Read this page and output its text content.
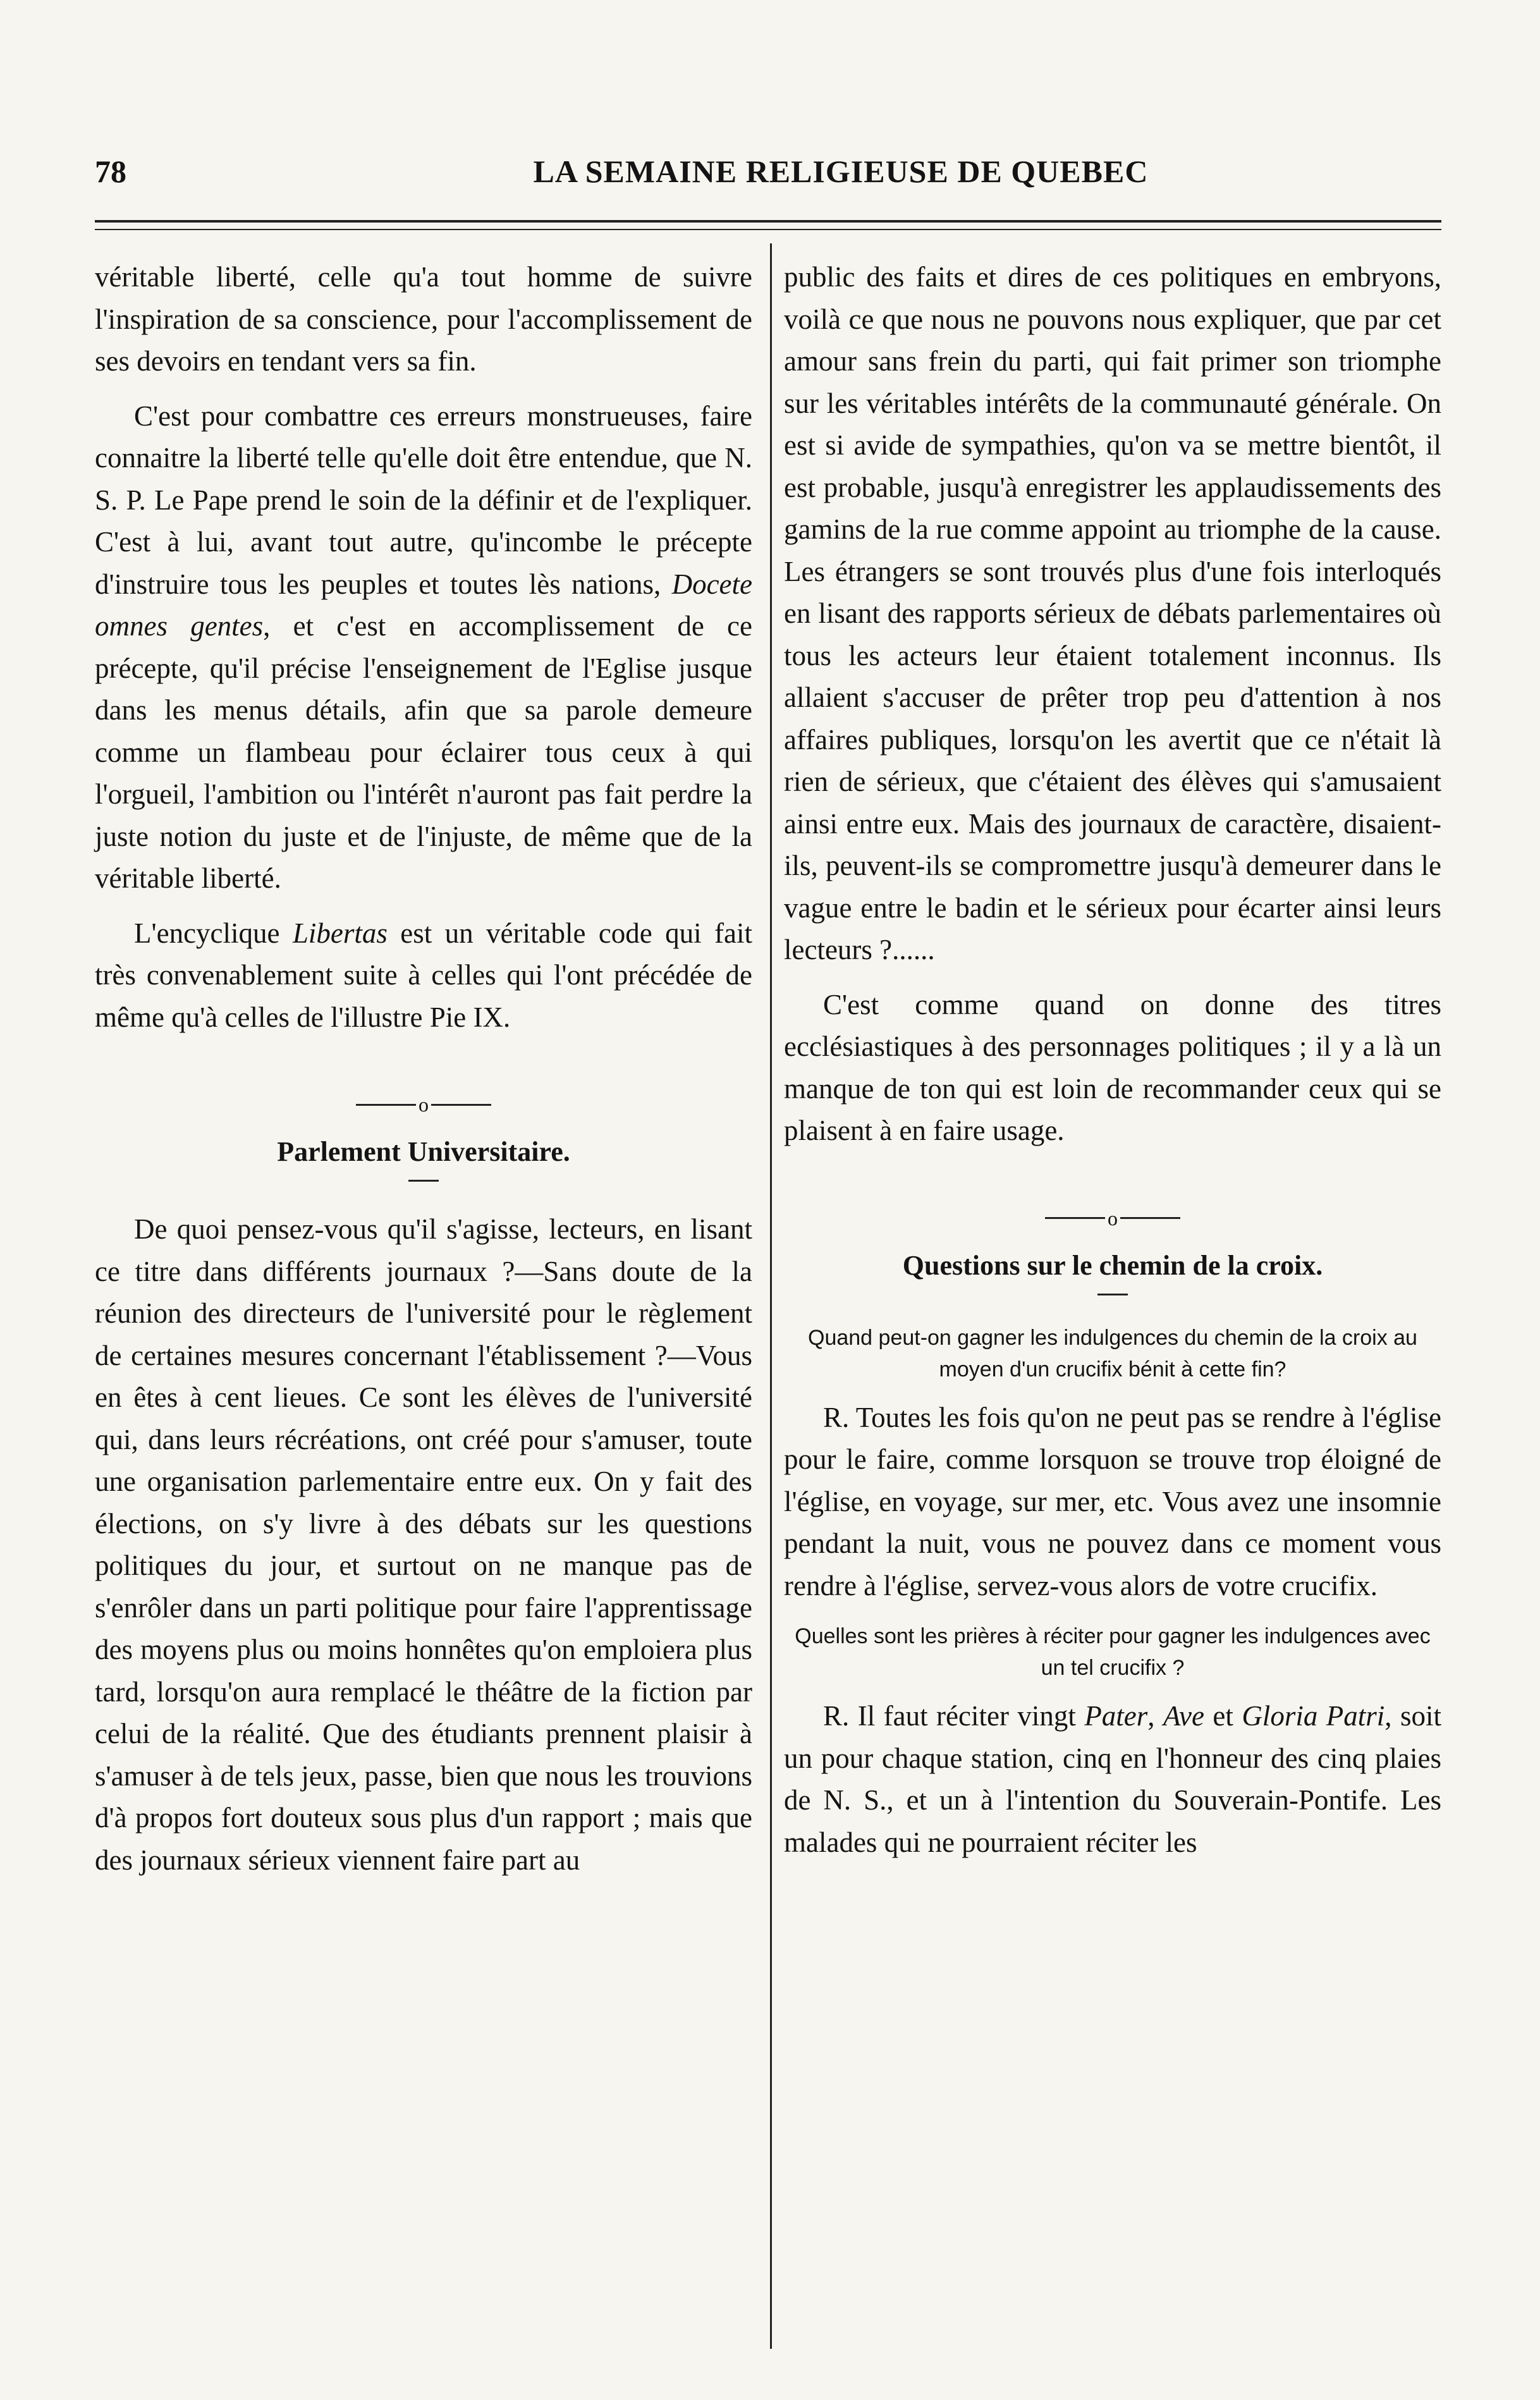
78	LA SEMAINE RELIGIEUSE DE QUEBEC

véritable liberté, celle qu'a tout homme de suivre l'inspiration de sa conscience, pour l'accomplissement de ses devoirs en tendant vers sa fin.

C'est pour combattre ces erreurs monstrueuses, faire connaitre la liberté telle qu'elle doit être entendue, que N. S. P. Le Pape prend le soin de la définir et de l'expliquer. C'est à lui, avant tout autre, qu'incombe le précepte d'instruire tous les peuples et toutes lès nations, Docete omnes gentes, et c'est en accomplissement de ce précepte, qu'il précise l'enseignement de l'Eglise jusque dans les menus détails, afin que sa parole demeure comme un flambeau pour éclairer tous ceux à qui l'orgueil, l'ambition ou l'intérêt n'auront pas fait perdre la juste notion du juste et de l'injuste, de même que de la véritable liberté.

L'encyclique Libertas est un véritable code qui fait très convenablement suite à celles qui l'ont précédée de même qu'à celles de l'illustre Pie IX.

o
Parlement Universitaire.

De quoi pensez-vous qu'il s'agisse, lecteurs, en lisant ce titre dans différents journaux ?—Sans doute de la réunion des directeurs de l'université pour le règlement de certaines mesures concernant l'établissement ?—Vous en êtes à cent lieues. Ce sont les élèves de l'université qui, dans leurs récréations, ont créé pour s'amuser, toute une organisation parlementaire entre eux. On y fait des élections, on s'y livre à des débats sur les questions politiques du jour, et surtout on ne manque pas de s'enrôler dans un parti politique pour faire l'apprentissage des moyens plus ou moins honnêtes qu'on emploiera plus tard, lorsqu'on aura remplacé le théâtre de la fiction par celui de la réalité. Que des étudiants prennent plaisir à s'amuser à de tels jeux, passe, bien que nous les trouvions d'à propos fort douteux sous plus d'un rapport ; mais que des journaux sérieux viennent faire part au

public des faits et dires de ces politiques en embryons, voilà ce que nous ne pouvons nous expliquer, que par cet amour sans frein du parti, qui fait primer son triomphe sur les véritables intérêts de la communauté générale. On est si avide de sympathies, qu'on va se mettre bientôt, il est probable, jusqu'à enregistrer les applaudissements des gamins de la rue comme appoint au triomphe de la cause. Les étrangers se sont trouvés plus d'une fois interloqués en lisant des rapports sérieux de débats parlementaires où tous les acteurs leur étaient totalement inconnus. Ils allaient s'accuser de prêter trop peu d'attention à nos affaires publiques, lorsqu'on les avertit que ce n'était là rien de sérieux, que c'étaient des élèves qui s'amusaient ainsi entre eux. Mais des journaux de caractère, disaient-ils, peuvent-ils se compromettre jusqu'à demeurer dans le vague entre le badin et le sérieux pour écarter ainsi leurs lecteurs ?......

C'est comme quand on donne des titres ecclésiastiques à des personnages politiques ; il y a là un manque de ton qui est loin de recommander ceux qui se plaisent à en faire usage.

o
Questions sur le chemin de la croix.
Quand peut-on gagner les indulgences du chemin de la croix au moyen d'un crucifix bénit à cette fin?

R. Toutes les fois qu'on ne peut pas se rendre à l'église pour le faire, comme lorsquon se trouve trop éloigné de l'église, en voyage, sur mer, etc. Vous avez une insomnie pendant la nuit, vous ne pouvez dans ce moment vous rendre à l'église, servez-vous alors de votre crucifix.

Quelles sont les prières à réciter pour gagner les indulgences avec un tel crucifix ?

R. Il faut réciter vingt Pater, Ave et Gloria Patri, soit un pour chaque station, cinq en l'honneur des cinq plaies de N. S., et un à l'intention du Souverain-Pontife. Les malades qui ne pourraient réciter les
